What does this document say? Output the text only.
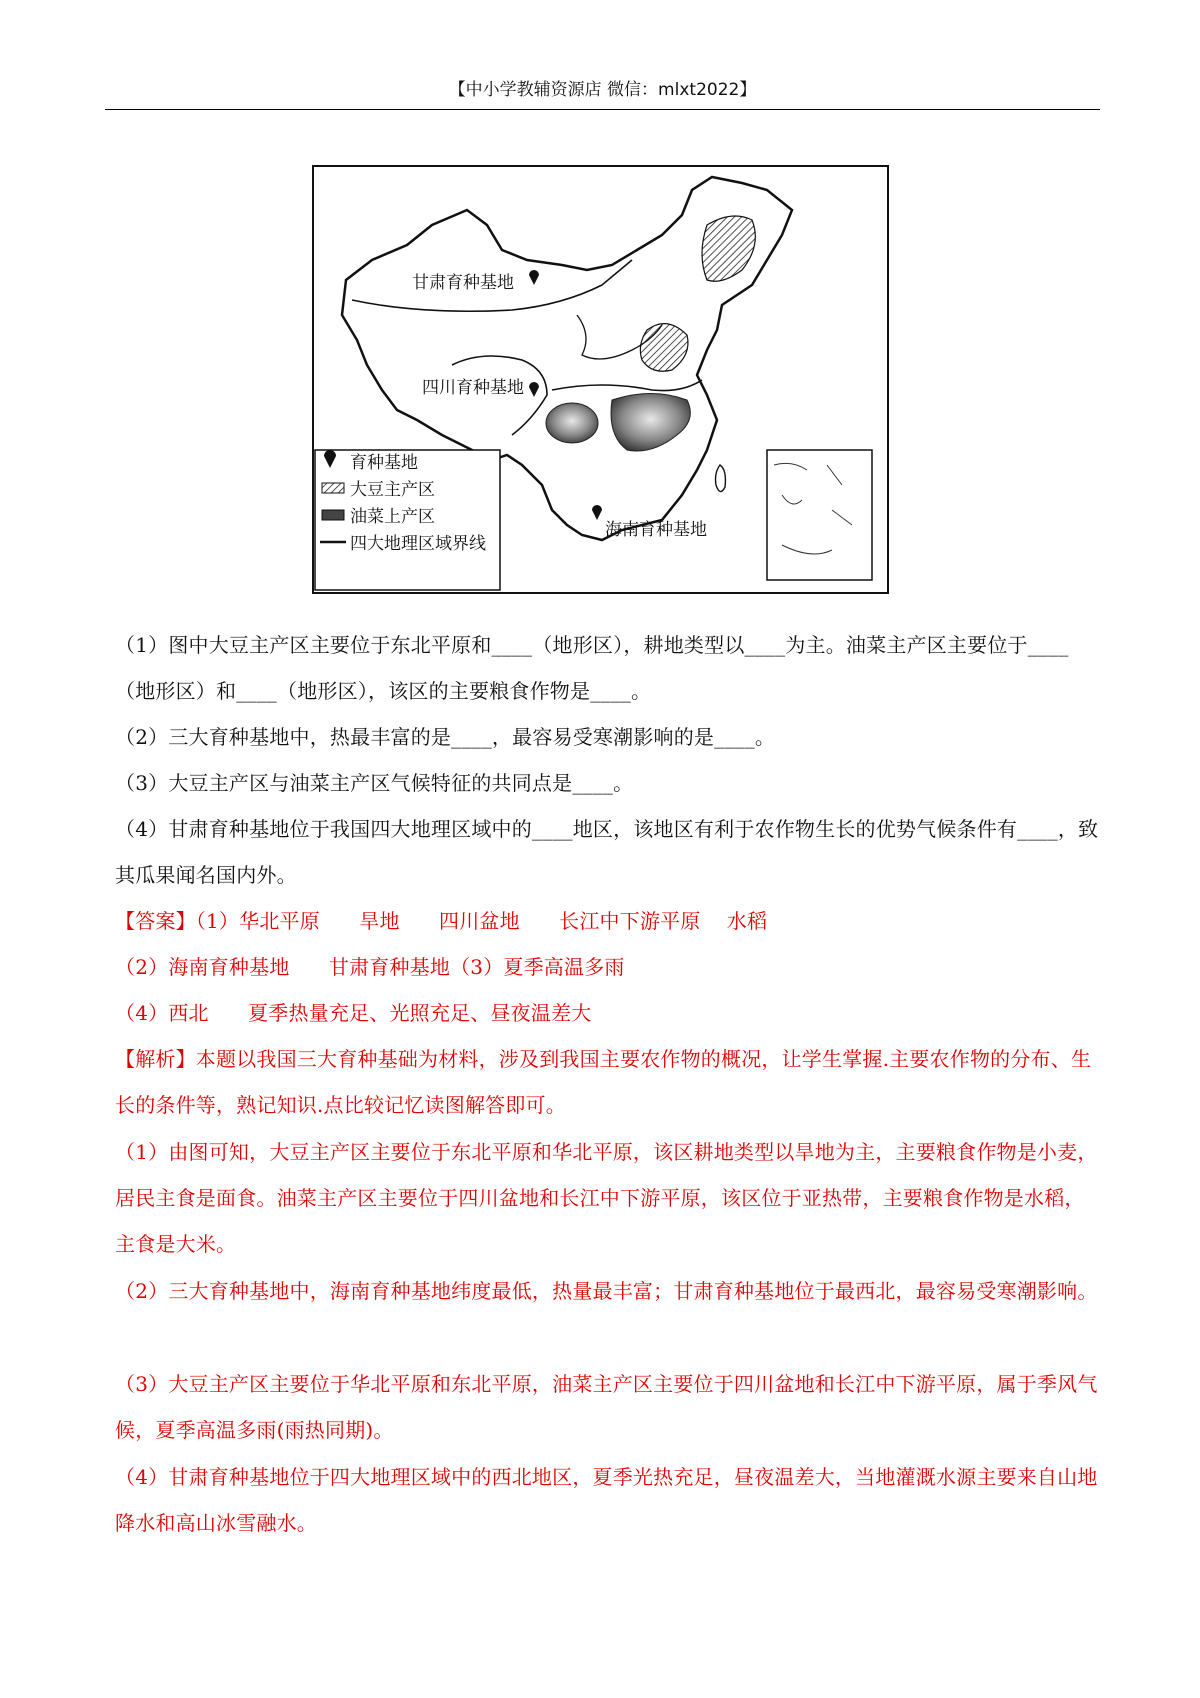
【中小学教辅资源店 微信：mlxt2022】
甘肃育种基地
四川育种基地
海南育种基地
育种基地
大豆主产区
油菜上产区
四大地理区域界线

（1）图中大豆主产区主要位于东北平原和____（地形区），耕地类型以____为主。油菜主产区主要位于____（地形区）和____（地形区），该区的主要粮食作物是____。

（2）三大育种基地中，热最丰富的是____，最容易受寒潮影响的是____。

（3）大豆主产区与油菜主产区气候特征的共同点是____。

（4）甘肃育种基地位于我国四大地理区域中的____地区，该地区有利于农作物生长的优势气候条件有____，致其瓜果闻名国内外。

【答案】（1）华北平原      旱地      四川盆地      长江中下游平原    水稻

（2）海南育种基地      甘肃育种基地（3）夏季高温多雨

（4）西北      夏季热量充足、光照充足、昼夜温差大

【解析】本题以我国三大育种基础为材料，涉及到我国主要农作物的概况，让学生掌握.主要农作物的分布、生长的条件等，熟记知识.点比较记忆读图解答即可。

（1）由图可知，大豆主产区主要位于东北平原和华北平原，该区耕地类型以旱地为主，主要粮食作物是小麦，居民主食是面食。油菜主产区主要位于四川盆地和长江中下游平原，该区位于亚热带，主要粮食作物是水稻，主食是大米。

（2）三大育种基地中，海南育种基地纬度最低，热量最丰富；甘肃育种基地位于最西北，最容易受寒潮影响。

（3）大豆主产区主要位于华北平原和东北平原，油菜主产区主要位于四川盆地和长江中下游平原，属于季风气候，夏季高温多雨(雨热同期)。

（4）甘肃育种基地位于四大地理区域中的西北地区，夏季光热充足，昼夜温差大，当地灌溉水源主要来自山地降水和高山冰雪融水。
